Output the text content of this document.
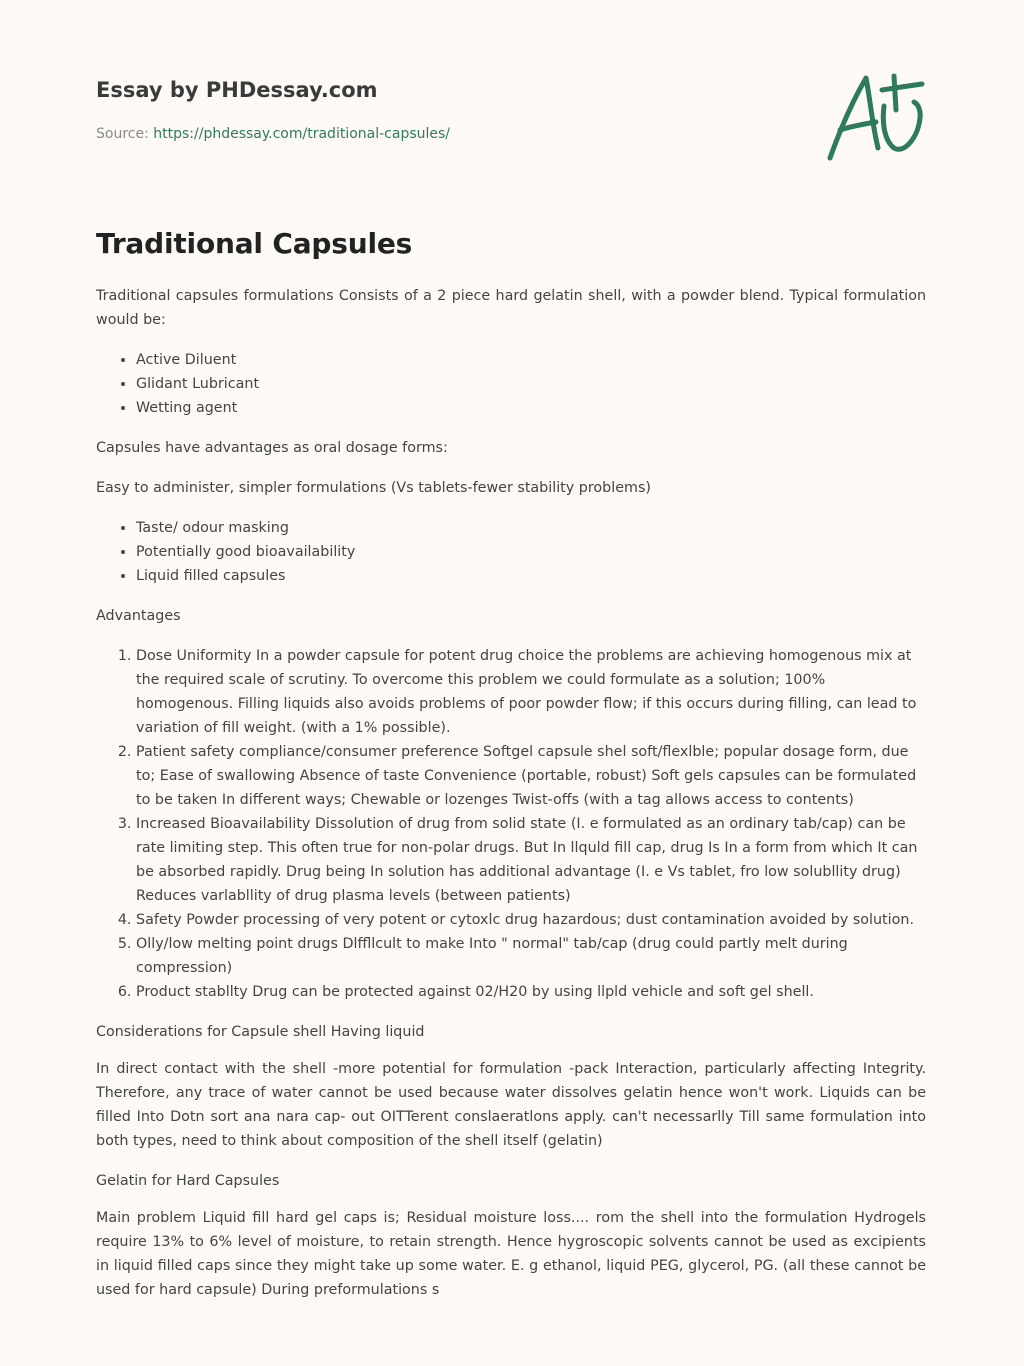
Essay by PHDessay.com
Source: https://phdessay.com/traditional-capsules/
Traditional Capsules

Traditional capsules formulations Consists of a 2 piece hard gelatin shell, with a powder blend. Typical formulation would be:

• Active Diluent
• Glidant Lubricant
• Wetting agent

Capsules have advantages as oral dosage forms:

Easy to administer, simpler formulations (Vs tablets-fewer stability problems)

• Taste/ odour masking
• Potentially good bioavailability
• Liquid filled capsules

Advantages

1. Dose Uniformity In a powder capsule for potent drug choice the problems are achieving homogenous mix at the required scale of scrutiny. To overcome this problem we could formulate as a solution; 100% homogenous. Filling liquids also avoids problems of poor powder flow; if this occurs during filling, can lead to variation of fill weight. (with a 1% possible).
2. Patient safety compliance/consumer preference Softgel capsule shel soft/flexlble; popular dosage form, due to; Ease of swallowing Absence of taste Convenience (portable, robust) Soft gels capsules can be formulated to be taken In different ways; Chewable or lozenges Twist-offs (with a tag allows access to contents)
3. Increased Bioavailability Dissolution of drug from solid state (I. e formulated as an ordinary tab/cap) can be rate limiting step. This often true for non-polar drugs. But In llquld fill cap, drug Is In a form from which It can be absorbed rapidly. Drug being In solution has additional advantage (I. e Vs tablet, fro low solubllity drug) Reduces varlabllity of drug plasma levels (between patients)
4. Safety Powder processing of very potent or cytoxlc drug hazardous; dust contamination avoided by solution.
5. Olly/low melting point drugs Dlffllcult to make Into " normal" tab/cap (drug could partly melt during compression)
6. Product stabllty Drug can be protected against 02/H20 by using llpld vehicle and soft gel shell.

Considerations for Capsule shell Having liquid

In direct contact with the shell -more potential for formulation -pack Interaction, particularly affecting Integrity. Therefore, any trace of water cannot be used because water dissolves gelatin hence won't work. Liquids can be filled Into Dotn sort ana nara cap- out OITTerent conslaeratlons apply. can't necessarlly Till same formulation into both types, need to think about composition of the shell itself (gelatin)

Gelatin for Hard Capsules

Main problem Liquid fill hard gel caps is; Residual moisture loss.... rom the shell into the formulation Hydrogels require 13% to 6% level of moisture, to retain strength. Hence hygroscopic solvents cannot be used as excipients in liquid filled caps since they might take up some water. E. g ethanol, liquid PEG, glycerol, PG. (all these cannot be used for hard capsule) During preformulations s
